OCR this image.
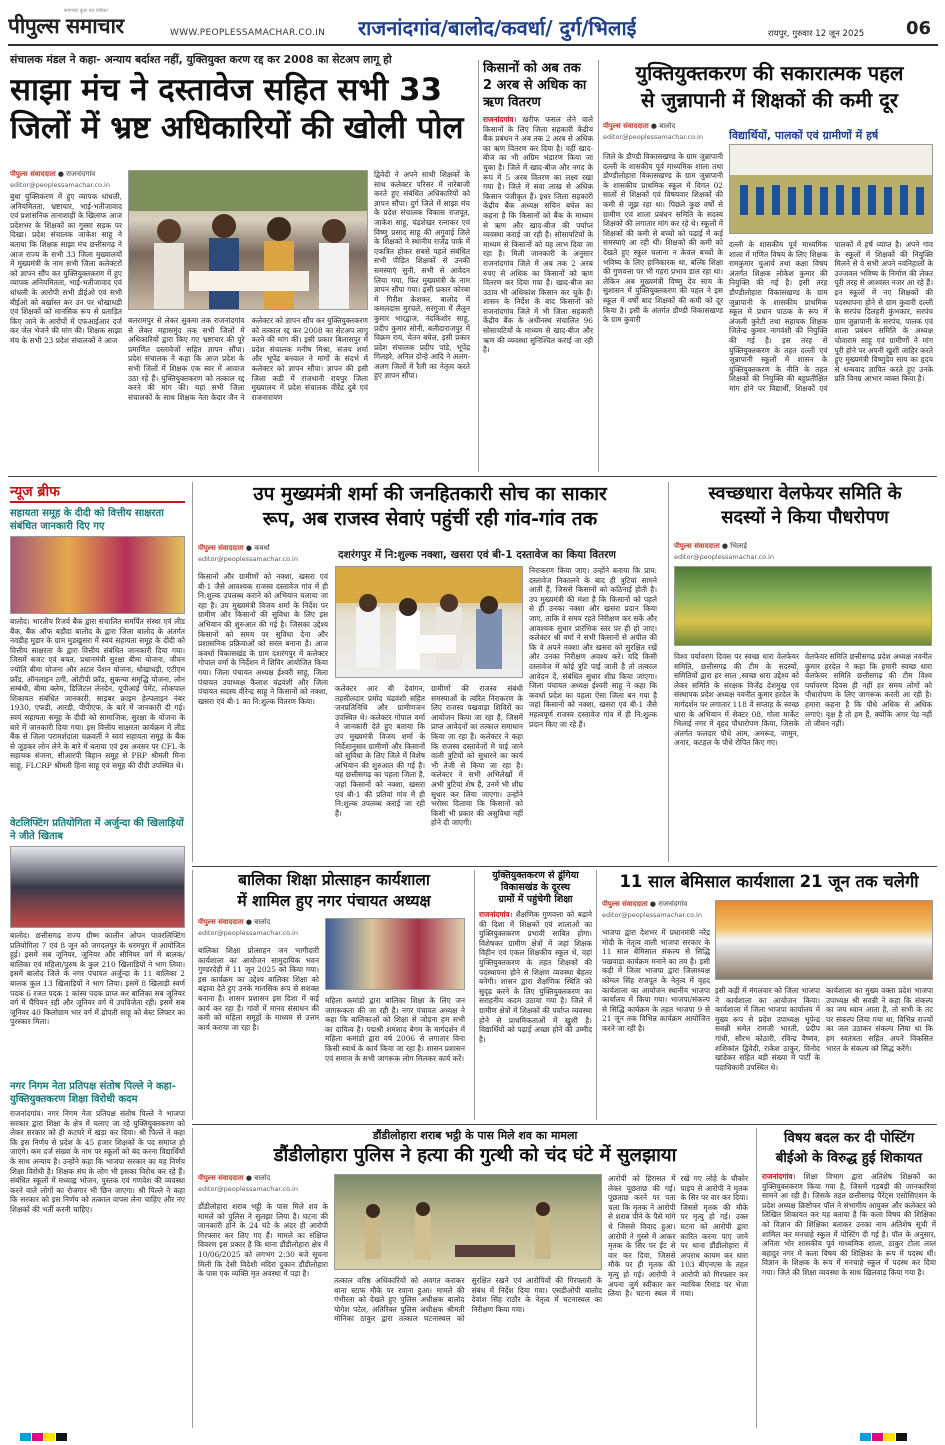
समाचार कुल पत्र पत्रिका
पीपुल्स समाचार	WWW.PEOPLESSAMACHAR.CO.IN राजनांदगांव/बालोद/कवर्धा/ दुर्ग/भिलाई	रायपुर, गुरुवार 12 जून 2025 06
संचालक मंडल ने कहा- अन्याय बर्दाश्त नहीं, युक्तियुक्त करण रद्द कर 2008 का सेटअप लागू हो
साझा मंच ने दस्तावेज सहित सभी 33
जिलों में भ्रष्ट अधिकारियों की खोली पोल
पीपुल्स संवाददाता ● राजनांदगांव
editor@peoplessamachar.co.in
बुधा युक्तिकरण में हुए व्यापक धांधली, अनियमितता, भ्रष्टाचार, भाई-भतीजावाद एवं प्रशासनिक तानाशाही के खिलाफ आज प्रदेशभर के शिक्षकों का गुस्सा सड़क पर दिखा। प्रदेश संचालक जाकेश साहू ने बताया कि शिक्षक साझा मंच छत्तीसगढ़ ने आज राज्य के सभी 33 जिला मुख्यालयों में मुख्यमंत्री के नाम सभी जिला कलेक्टरों को ज्ञापन सौंप कर युक्तियुक्तकरण में हुए व्यापक अनियमितता, भाई-भतीजावाद एवं धांधली के आरोपी सभी डीईओ एवं सभी बीईओ को बर्खास्त कर उन पर धोखाधड़ी एवं शिक्षकों को मानसिक रूप से प्रताड़ित किए जाने के आरोपों में एफआईआर दर्ज कर जेल भेजने की मांग की। शिक्षक साझा मंच के सभी 23 प्रदेश संचालकों ने आज
बलरामपुर से लेकर सुकमा तक राजनांदगांव से लेकर महासमुंद तक सभी जिलों में अधिकारियों द्वारा किए गए भ्रष्टाचार की पूरे प्रमाणित दस्तावेजों सहित ज्ञापन सौंपा। प्रदेश संचालक ने कहा कि आज प्रदेश के सभी जिलों में शिक्षक एक स्वर में आवाज उठा रहे हैं। युक्तियुक्तकरण को तत्काल रद्द करने की मांग की। यहां सभी जिला संचालकों के साथ शिक्षक नेता केदार जैन ने कलेक्टर को ज्ञापन सौंप कर युक्तियुक्तकरण को तत्काल रद्द कर 2008 का सेटअप लागू करने की मांग की। इसी प्रकार बिलासपुर में प्रदेश संचालक मनीष मिश्रा, संजय शर्मा और भूपेंद्र बनवाल ने मांगों के संदर्भ में कलेक्टर को ज्ञापन सौंपा। ज्ञापन की इसी जिला कड़ी में राजधानी रायपुर जिला मुख्यालय में प्रदेश संचालक वीरेंद्र दुबे एवं राजनारायण
द्विवेदी ने अपने साथी शिक्षकों के साथ कलेक्टर परिसर में नारेबाजी करते हुए संबंधित अधिकारियों को ज्ञापन सौंपा। दुर्ग जिले में साझा मंच के प्रदेश संचालक विकास राजपूत, जाकेश साहू, चंद्रशेखर रत्नाकर एवं विष्णु प्रसाद साहू की अगुवाई जिले के शिक्षकों ने स्थानीय राजेंद्र पार्क में एकत्रित होकर सबसे पहले संबंधित सभी पीड़ित शिक्षकों से उनकी समस्याएं सुनी, सभी से आवेदन लिया गया, फिर मुख्यमंत्री के नाम ज्ञापन सौंपा गया। इसी प्रकार कोरबा में गिरीश केशकर, बालोद में कमलदास मुरचले, सरगुजा में लैलून कुमार भारद्वाज, नंदकिशोर साहू, प्रदीप कुमार सोनी, बलीदाराजपुर में विक्रम राय, चेतन बघेल, इसी प्रकार प्रदेश संचालक प्रदीप पांडे, भूपेंद्र गिलहरे, अनिल दोन्हे आदि ने अलग-अलग जिलों में रैली का नेतृत्व करते हुए ज्ञापन सौंपा।
किसानों को अब तक 2 अरब से अधिक का ऋण वितरण
राजनांदगांव। खरीफ फसल लेने वाले किसानों के लिए जिला सहकारी केंद्रीय बैंक प्रबंधन ने अब तक 2 अरब से अधिक का ऋण वितरण कर दिया है। वहीं खाद-बीज का भी अग्रिम भंडारण किया जा चुका है। जिले में खाद-बीज और नगद के रूप में 5 अरब वितरण का लक्ष्य रखा गया है। जिले में सवा लाख से अधिक किसान पंजीकृत हैं। इधर जिला सहकारी केंद्रीय बैंक अध्यक्ष सचिन बघेल का कहना है कि किसानों को बैंक के माध्यम से ऋण और खाद-बीज की पर्याप्त व्यवस्था कराई जा रही है। सोसायटियों के माध्यम से किसानों को यह लाभ दिया जा रहा है। मिली जानकारी के अनुसार राजनांदगांव जिले में अब तक 2 अरब रुपए से अधिक का किसानों को ऋण वितरण कर दिया गया है। खाद-बीज का उठाव भी अधिकांश किसान कर चुके हैं। शासन के निर्देश के बाद किसानों को राजनांदगांव जिले में भी जिला सहकारी केंद्रीय बैंक के अधीनस्थ संचालित 96 सोसायटियों के माध्यम से खाद-बीज और ऋण की व्यवस्था सुनिश्चित कराई जा रही है।
युक्तियुक्तकरण की सकारात्मक पहल
से जुन्नापानी में शिक्षकों की कमी दूर
पीपुल्स संवाददाता ● बालोद
editor@peoplessamachar.co.in	विद्यार्थियों, पालकों एवं ग्रामीणों में हर्ष
जिले के डौण्डी विकासखण्ड के ग्राम जुन्नापानी दल्ली के शासकीय पूर्व माध्यमिक शाला तथा डौण्डीलोहारा विकासखण्ड के ग्राम जुन्नापानी के शासकीय प्राथमिक स्कूल में विगत 02 सालों से शिक्षकों एवं विषयवार शिक्षकों की कमी से जूझ रहा था। पिछले कुछ वर्षों से ग्रामीण एवं शाला प्रबंधन समिति के सदस्य शिक्षकों की लगातार मांग कर रहे थे। स्कूलों में शिक्षकों की कमी से बच्चों को पढ़ाई में कई समस्याएं आ रही थीं। शिक्षकों की कमी को देखते हुए स्कूल चलाना न केवल बच्चों के भविष्य के लिए हानिकारक था, बल्कि शिक्षा की गुणवत्ता पर भी गहरा प्रभाव डाल रहा था। लेकिन अब मुख्यमंत्री विष्णु देव साय के सुशासन में युक्तियुक्तकरण की पहल ने इस स्कूल में वर्षों बाद शिक्षकों की कमी को दूर किया है। इसी के अंतर्गत डौण्डी विकासखण्ड के ग्राम कुवारी
दल्ली के शासकीय पूर्व माध्यमिक शाला में गणित विषय के लिए शिक्षक रामकुमार चुआर्य तथा कक्षा विषय अंतर्गत शिक्षक लोकेश कुमार की नियुक्ति की गई है। इसी तरह डौण्डीलोहारा विकासखण्ड के ग्राम जुन्नापानी के शासकीय प्राथमिक स्कूल में प्रधान पाठक के रूप में अंजली कुरेटी तथा सहायक शिक्षक जितेन्द्र कुमार नागवंशी की नियुक्ति की गई है। इस तरह से युक्तियुक्तकरण के तहत दल्ली एवं जुन्नापानी स्कूलों में शासन के युक्तियुक्तकरण के नीति के तहत शिक्षकों की नियुक्ति की बहुप्रतीक्षित मांग होने पर विद्यार्थी, शिक्षकों एवं पालकों में हर्ष व्याप्त है। अपने गांव के स्कूलों में शिक्षकों की नियुक्ति मिलने से वे सभी अपने नवनिहालों के उज्जवल भविष्य के निर्माण की लेकर पूरी तरह से आश्वस्त नजर आ रहे हैं। इन स्कूलों में नए शिक्षकों की पदस्थापना होने से ग्राम कुवारी दल्ली के सरपंच दिलहरी कुंभकार, सरपंच ग्राम जुन्नापानी के सरपंच, पालक एवं शाला प्रबंधन समिति के अध्यक्ष चोवाराम साहू एवं ग्रामीणों ने मांग पूरी होने पर अपनी खुशी जाहिर करते हुए मुख्यमंत्री विष्णुदेव साय का हृदय से धन्यवाद ज्ञापित करते हुए उनके प्रति विनम्र आभार व्यक्त किया है।
न्यूज ब्रीफ
सहायता समूह के दीदी को वित्तीय साक्षरता संबंधित जानकारी दिए गए
बालोद। भारतीय रिजर्व बैंक द्वारा संचालित समर्पित संस्था एवं लीड बैंक, बैंक ऑफ बड़ौदा बालोद के द्वारा जिला बालोद के अंतर्गत नवडीह मुड़ार के ग्राम मुड़खुसरा में स्वयं सहायता समूह के दीदी को वित्तीय साक्षरता के द्वारा वित्तीय संबंधित जानकारी दिया गया। जिसमें बजट एवं बचत, प्रधानमंत्री सुरक्षा बीमा योजना, जीवन ज्योति बीमा योजना और अटल पेंशन योजना, धोखाधड़ी, एटीएम फ्रॉड, ऑनलाइन ठगी, ओटीपी फ्रॉड, सुकन्या समृद्धि योजना, लोन सम्बंधी, बीमा क्लेम, डिजिटल लेनदेन, यूपीआई पेमेंट, लोकपाल शिकायत संबंधित जानकारी, साइबर क्राइम हेल्पलाइन नंबर 1930, एफडी, आरडी, पीपीएफ, के बारे में जानकारी दी गई। स्वयं सहायता समूह के दीदी को सामाजिक, सुरक्षा के योजना के बारे में जानकारी दिया गया। इस वित्तीय साक्षरता कार्यक्रम में लीड बैंक से जिला परामर्शदाता चक्रवर्ती ने स्वयं सहायता समूह के बैंक से जुड़कर लोन लेने के बारे में बताया एवं इस अवसर पर CFL के सहायक संजना, सीआरपी बिहान समूह से PRP श्रीमती मिना साहू, FLCRP श्रीमती हिना साहू एवं समूह की दीदी उपस्थित थे।
वेटलिफ्टिंग प्रतियोगिता में अर्जुन्दा की खिलाड़ियों ने जीते खिताब
बालोद। छत्तीसगढ़ राज्य ग्रीष्म कालीन ओपन पावरलिफ्टिंग प्रतियोगिता 7 एवं 8 जून को जगदलपुर के धरमपुरा में आयोजित हुई। इसमें सब जूनियर, जूनियर और सीनियर वर्ग में बालक/बालिका एवं महिला/पुरुष के कुल 210 खिलाड़ियों ने भाग लिया। इसमें बालोद जिले के नगर पंचायत अर्जुन्दा के 11 बालिका 2 बालक कुल 13 खिलाड़ियों ने भाग लिया। इसमें 8 खिलाड़ी स्वर्ण पदक 6 रजत पदक 1 कांस्य पदक प्राप्त कर बालिका सब जूनियर वर्ग में चैंपियन रही और जूनियर वर्ग में उपविजेता रही। इसमें सब जूनियर 40 किलोग्राम भार वर्ग में द्रोपती साहू को बेस्ट लिफ्टर का पुरस्कार मिला।
नगर निगम नेता प्रतिपक्ष संतोष पिल्ले ने कहा- युक्तियुक्तकरण शिक्षा विरोधी कदम
राजनांदगांव। नगर निगम नेता प्रतिपक्ष संतोष पिल्ले ने भाजपा सरकार द्वारा शिक्षा के क्षेत्र में चलाए जा रहे युक्तियुक्तकरण को लेकर सरकार को ही कटघरे में खड़ा कर दिया। श्री पिल्ले ने कहा कि इस निर्णय से प्रदेश के 45 हजार शिक्षकों के पद समाप्त हो जाएंगे। कम दर्ज संख्या के नाम पर स्कूलों को बंद करना विद्यार्थियों के साथ अन्याय है। उन्होंने कहा कि भाजपा सरकार का यह निर्णय शिक्षा विरोधी है। शिक्षक संघ के लोग भी इसका विरोध कर रहे हैं। संबंधित स्कूलों में मध्याह्न भोजन, पुस्तक एवं गणवेश की व्यवस्था करने वाले लोगों का रोजगार भी छिन जाएगा। श्री पिल्ले ने कहा कि सरकार को इस निर्णय को तत्काल वापस लेना चाहिए और नए शिक्षकों की भर्ती करनी चाहिए।
उप मुख्यमंत्री शर्मा की जनहितकारी सोच का साकार
रूप, अब राजस्व सेवाएं पहुंचीं रही गांव-गांव तक
पीपुल्स संवाददाता ● कवर्धा
editor@peoplessamachar.co.in	दशरंगपुर में नि:शुल्क नक्शा, खसरा एवं बी-1 दस्तावेज का किया वितरण
किसानों और ग्रामीणों को नक्शा, खसरा एवं बी-1 जैसे आवश्यक राजस्व दस्तावेज गांव में ही नि:शुल्क उपलब्ध कराने को अभियान चलाया जा रहा है। उप मुख्यमंत्री विजय शर्मा के निर्देश पर ग्रामीण और किसानों की सुविधा के लिए इस अभियान की शुरुआत की गई है। जिसका उद्देश्य किसानों को समय पर सुविधा देना और प्रशासनिक प्रक्रियाओं को सरल बनाना है। आज कवर्धा विकासखंड के ग्राम दशरंगपुर में कलेक्टर गोपाल वर्मा के निर्देशन में शिविर आयोजित किया गया। जिला पंचायत अध्यक्ष ईश्वरी साहू, जिला पंचायत उपाध्यक्ष कैलाश चंद्रवंशी और जिला पंचायत सदस्य वीरेन्द्र साहू ने किसानों को नक्शा, खसरा एवं बी-1 का नि:शुल्क वितरण किया।
कलेक्टर आर बी देवांगन, तहसीलदार प्रमोद चंद्रवंशी सहित जनप्रतिनिधि और ग्रामीणजन उपस्थित थे। कलेक्टर गोपाल वर्मा ने जानकारी देते हुए बताया कि उप मुख्यमंत्री विजय शर्मा के निर्देशानुसार ग्रामीणों और किसानों को सुविधा के लिए जिले में विशेष अभियान की शुरुआत की गई है। यह छत्तीसगढ़ का पहला जिला है, जहां किसानों को नक्शा, खसरा एवं बी-1 की प्रतियां गांव में ही नि:शुल्क उपलब्ध कराई जा रही हैं।
ग्रामीणों की राजस्व संबंधी समस्याओं के त्वरित निराकरण के लिए राजस्व पखवाड़ा शिविरों का आयोजन किया जा रहा है, जिसमें प्राप्त आवेदनों का तत्काल समाधान किया जा रहा है। कलेक्टर ने कहा कि राजस्व दस्तावेजों में पाई जाने वाली त्रुटियों को सुधारने का कार्य भी तेजी से किया जा रहा है। कलेक्टर ने सभी अभिलेखों में अभी त्रुटियां शेष हैं, उनमें भी शीघ्र सुधार कर लिया जाएगा। उन्होंने भरोसा दिलाया कि किसानों को किसी भी प्रकार की असुविधा नहीं होने दी जाएगी।
निराकरण किया जाए। उन्होंने बताया कि प्राय: दस्तावेज निकालने के बाद ही त्रुटियां सामने आती हैं, जिससे किसानों को कठिनाई होती है। उप मुख्यमंत्री की मंशा है कि किसानों को पहले से ही उनका नक्शा और खसरा प्रदान किया जाए, ताकि वे समय रहते निरीक्षण कर सकें और आवश्यक सुधार प्रारंभिक स्तर पर ही हो जाए। कलेक्टर श्री वर्मा ने सभी किसानों से अपील की कि वे अपने नक्शा और खसरा को सुरक्षित रखें और उनका निरीक्षण अवश्य करें। यदि किसी दस्तावेज में कोई त्रुटि पाई जाती है तो तत्काल आवेदन दें, संबंधित सुधार शीघ्र किया जाएगा। जिला पंचायत अध्यक्ष ईश्वरी साहू ने कहा कि कवर्धा प्रदेश का पहला ऐसा जिला बन गया है जहां किसानों को नक्शा, खसरा एवं बी-1 जैसे महत्वपूर्ण राजस्व दस्तावेज गांव में ही नि:शुल्क प्रदान किए जा रहे हैं।
स्वच्छधारा वेलफेयर समिति के
सदस्यों ने किया पौधरोपण
पीपुल्स संवाददाता ● भिलाई
editor@peoplessamachar.co.in
विश्व पर्यावरण दिवस पर स्वच्छ धारा वेलफेयर समिति, छत्तीसगढ़ की टीम के सदस्यों, समितियों द्वारा हर साल ,स्वच्छ धारा उद्देश्य को लेकर समिति के संरक्षक विजेंद्र देशमुख एवं संस्थापक प्रदेश अध्यक्ष नवनीत कुमार हरदेल के मार्गदर्शन पर लगातार 118 वें सप्ताह के स्वच्छ धारा के अभियान में सेक्टर 08, गोला मार्केट भिलाई नगर में वृहद पौधारोपण किया, जिसके अंतर्गत फलदार पौधे आम, अमरूद, जामुन, अनार, कटहल के पौधे रोपित किए गए।
वेलफेयर समिति छत्तीसगढ़ प्रदेश अध्यक्ष नवनीत कुमार हरदेल ने कहा कि हमारी स्वच्छ धारा वेलफेयर समिति छत्तीसगढ़ की टीम विश्व पर्यावरण दिवस ही नहीं हर समय लोगों को पौधारोपण के लिए जागरूक करती आ रही है। हमारा कहना है कि पौधे अधिक से अधिक लगाएं। वृक्ष है तो हम हैं, क्योंकि अगर पेड़ नहीं तो जीवन नहीं।
बालिका शिक्षा प्रोत्साहन कार्यशाला
में शामिल हुए नगर पंचायत अध्यक्ष
पीपुल्स संवाददाता ● बालोद
editor@peoplessamachar.co.in
बालिका शिक्षा प्रोत्साहन जन भागीदारी कार्यशाला का आयोजन सामुदायिक भवन गुण्डरदेही में 11 जून 2025 को किया गया। इस कार्यक्रम का उद्देश्य बालिका शिक्षा को बढ़ावा देते हुए उनके मानसिक रूप से सशक्त बनाना है। शासन प्रशासन इस दिशा में कई कार्य कर रहा है। गांवों में मानव संसाधन की कमी को महिला समूहों के माध्यम से उत्तम कार्य कराया जा रहा है।
महिला कमांडो द्वारा बालिका शिक्षा के लिए जन जागरूकता की जा रही है। नगर पंचायत अध्यक्ष ने कहा कि बालिकाओं को शिक्षा से जोड़ना हम सभी का दायित्व है। पद्मश्री शमशाद बेगम के मार्गदर्शन में महिला कमांडो द्वारा वर्ष 2006 से लगातार विना किसी स्वार्थ के कार्य किया जा रहा है। शासन प्रशासन एवं समाज के सभी जागरूक लोग मिलकर कार्य करें।
युक्तियुक्तकरण से डूंगिया
विकासखंड के दूरस्थ
ग्रामों में पहुंचेगी शिक्षा
राजनांदगांव। शैक्षणिक गुणवत्ता को बढ़ाने की दिशा में शिक्षकों एवं शालाओं का युक्तियुक्तकरण प्रभावी साबित होगा। विशेषकर ग्रामीण क्षेत्रों में जहां शिक्षक विहीन एवं एकल शिक्षकीय स्कूल थे, वहां युक्तियुक्तकरण के तहत शिक्षकों की पदस्थापना होने से शिक्षण व्यवस्था बेहतर बनेगी। शासन द्वारा शैक्षणिक स्थिति को सुदृढ़ करने के लिए युक्तियुक्तकरण का सराहनीय कदम उठाया गया है। जिले में ग्रामीण क्षेत्रों में शिक्षकों की पर्याप्त व्यवस्था होने से प्राथमिकताओं में खुशी है। विद्यार्थियों को पढ़ाई अच्छा होने की उम्मीद है।
11 साल बेमिसाल कार्यशाला 21 जून तक चलेगी
पीपुल्स संवाददाता ● राजनांदगांव
editor@peoplessamachar.co.in
भाजपा द्वारा देशभर में प्रधानमंत्री नरेंद्र मोदी के नेतृत्व वाली भाजपा सरकार के 11 साल बेमिसाल संकल्प से सिद्धि पखवाड़ा कार्यक्रम मनाने का तय है। इसी कड़ी में जिला भाजपा द्वारा जिलाध्यक्ष कोमल सिंह राजपूत के नेतृत्व में वृहद कार्यशाला का आयोजन स्थानीय भाजपा कार्यालय में किया गया। भाजपा/संकल्प से सिद्धि कार्यक्रम के तहत भाजपा 9 से 21 जून तक विभिन्न कार्यक्रम आयोजित करने जा रही है।
इसी कड़ी में मंगलवार को जिला भाजपा ने कार्यशाला का आयोजन किया। कार्यशाला में जिला भाजपा कार्यालय में मुख्य रूप से प्रदेश उपाध्यक्ष भूपेन्द्र सवन्नी समेत रामजी भारती, प्रदीप गांधी, सौरभ कोठारी, रविन्द्र वैष्णव, शशिकांत द्विवेदी, राकेश ठाकुर, विनोद खांडेकर सहित बड़ी संख्या में पार्टी के पदाधिकारी उपस्थित थे।
कार्यशाला का मुख्य वक्ता प्रदेश भाजपा उपाध्यक्ष श्री सवन्नी ने कहा कि संकल्प का जय ध्यान आता है, तो सभी के तट पर संकल्प लिया गया था, विभिन्न राज्यों का जल उठाकर संकल्प लिया था कि हम स्वतंत्रता सहित अपने विकसित भारत के संकल्प को सिद्ध करेंगे।
डौंडीलोहारा शराब भट्ठी के पास मिले शव का मामला
डौंडीलोहारा पुलिस ने हत्या की गुत्थी को चंद घंटे में सुलझाया
पीपुल्स संवाददाता ● बालोद
editor@peoplessamachar.co.in
डौंडीलोहारा शराब भट्ठी के पास मिले शव के मामले को पुलिस ने सुलझा लिया है। घटना की जानकारी होने के 24 घंटे के अंदर ही आरोपी गिरफ्तार कर लिए गए हैं। मामले का संक्षिप्त विवरण इस प्रकार है कि थाना डौंडीलोहारा क्षेत्र में 10/06/2025 को लगभग 2:30 बजे सूचना मिली कि देसी विदेशी मदिरा दुकान डौंडीलोहारा के पास एक व्यक्ति मृत अवस्था में पड़ा है।
तत्काल वरिष्ठ अधिकारियों को अवगत कराकर थाना स्टाफ मौके पर रवाना हुआ। मामले की गंभीरता को देखते हुए पुलिस अधीक्षक बालोद योगेश पटेल, अतिरिक्त पुलिस अधीक्षक श्रीमती मोनिका ठाकुर द्वारा तत्काल घटनास्थल को सुरक्षित रखने एवं आरोपियों की गिरफ्तारी के संबंध में निर्देश दिया गया। एसडीओपी बालोद देवांश सिंह राठौर के नेतृत्व में घटनास्थल का निरीक्षण किया गया।
आरोपी को हिरासत में लेकर पूछताछ की गई। पूछताछ करने पर पता चला कि मृतक ने आरोपी से शराब पीने के पैसे मांगे थे जिससे विवाद हुआ। आरोपी ने गुस्से में आकर मृतक के सिर पर ईंट से वार कर दिया, जिससे मौके पर ही मृतक की मृत्यु हो गई। आरोपी ने अपना जुर्म स्वीकार कर लिया है। घटना स्थल में रखे गए लोहे के चौकोर पाइप से आरोपी ने मृतक के सिर पर वार कर दिया। जिससे मृतक की मौके पर मृत्यु हो गई। उक्त घटना को आरोपी द्वारा कारित करना पाए जाने पर थाना डौंडीलोहारा में अपराध कायम कर धारा 103 बीएनएस के तहत आरोपी को गिरफ्तार कर न्यायिक रिमांड पर भेजा गया।
विषय बदल कर दी पोस्टिंग
बीईओ के विरुद्ध हुई शिकायत
राजनांदगांव। शिक्षा विभाग द्वारा अतिशेष शिक्षकों का युक्तियुक्तकरण किया गया है, जिसमें गड़बड़ी की जानकारियां सामने आ रही है। जिसके तहत छत्तीसगढ़ पैरेंट्स एसोसिएशन के प्रदेश अध्यक्ष क्रिष्टोफर पॉल ने संभागीय आयुक्त और कलेक्टर को लिखित शिकायत कर यह बताया है कि कला विषय की शिक्षिका को विज्ञान की शिक्षिका बताकर उनका नाम अतिशेष सूची में शामिल कर मनचाहे स्कूल में पोस्टिंग दी गई है। पॉल के अनुसार, अनिता भोर शासकीय पूर्व माध्यमिक शाला, ठाकुर टोला लाल बहादुर नगर में कला विषय की शिक्षिका के रूप में पदस्थ थीं। विज्ञान के शिक्षक के रूप में मनचाहे स्कूल में पदस्थ कर दिया गया। जिले की शिक्षा व्यवस्था के साथ खिलवाड़ किया गया है।
